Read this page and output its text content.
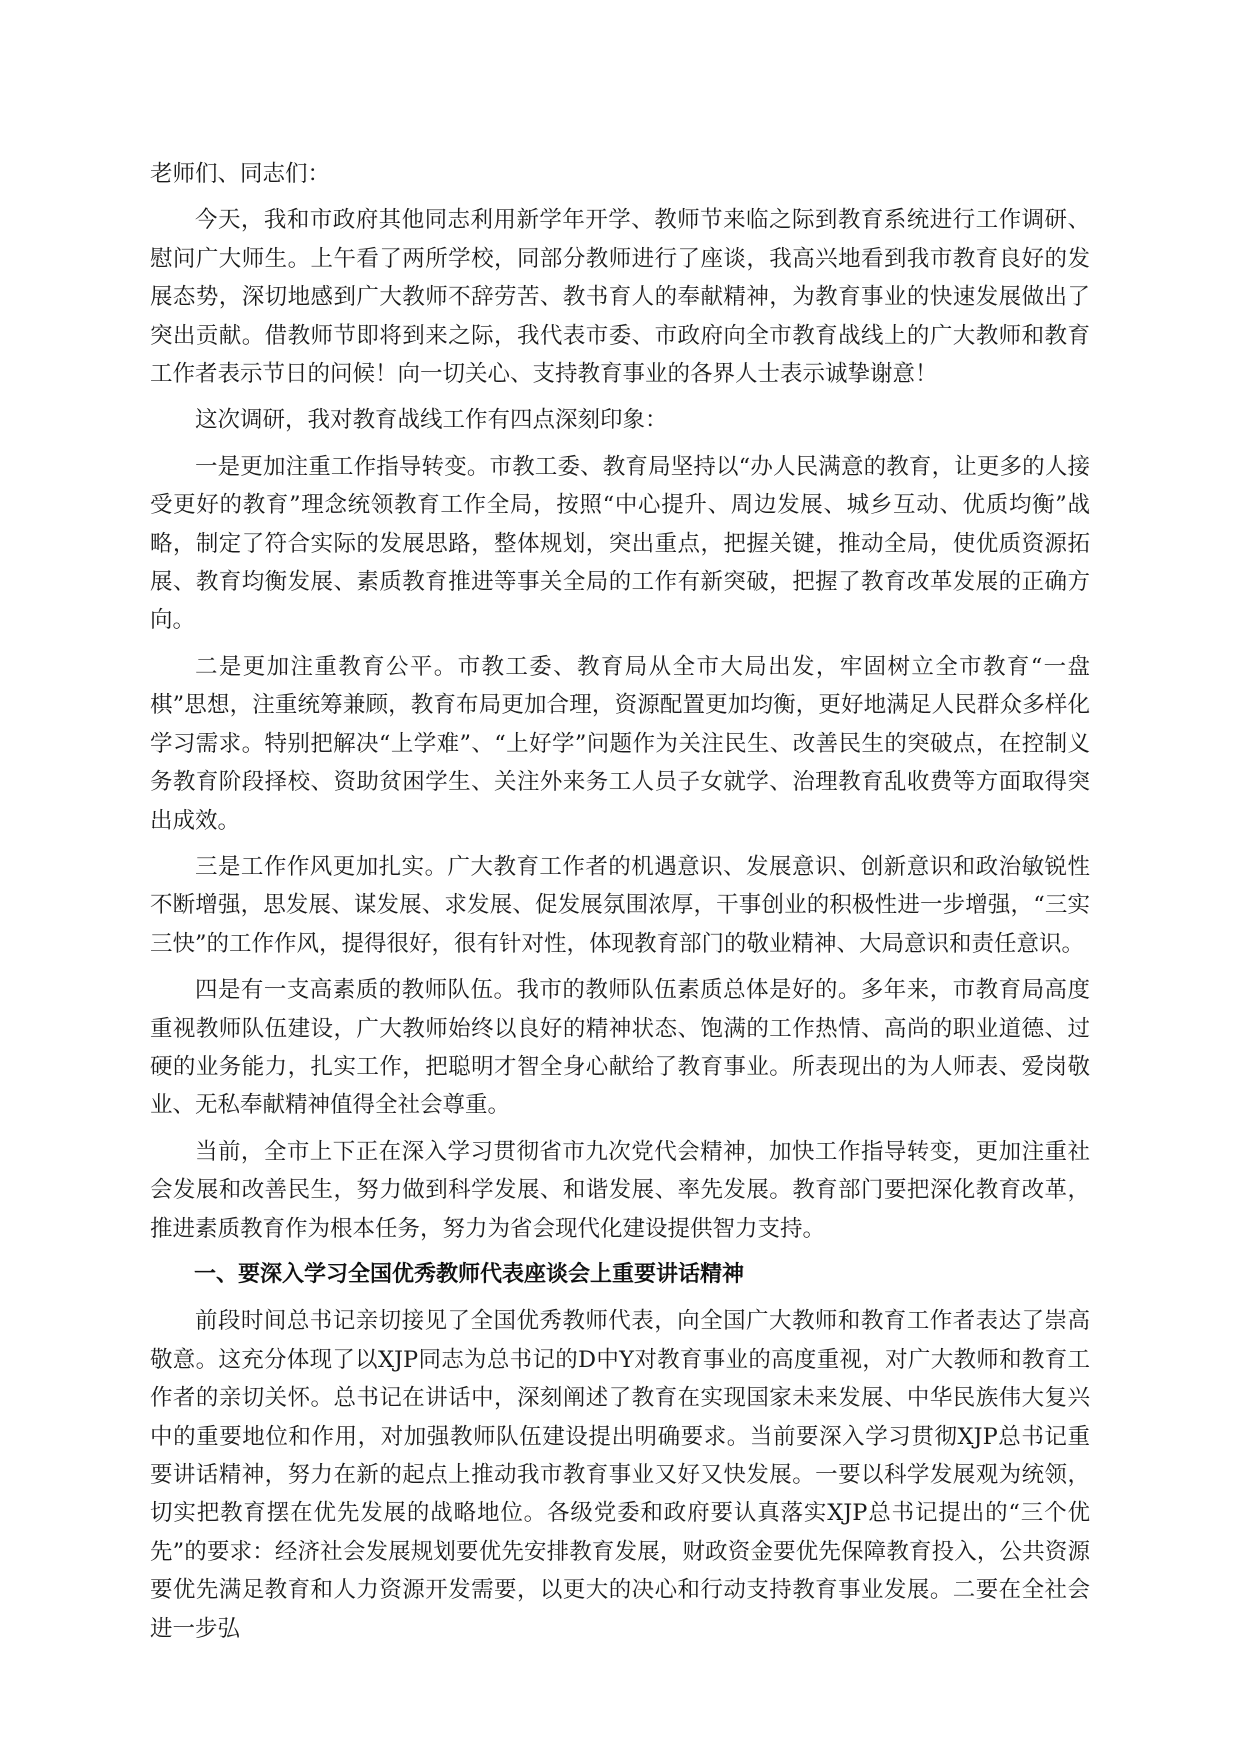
老师们、同志们：

今天，我和市政府其他同志利用新学年开学、教师节来临之际到教育系统进行工作调研、慰问广大师生。上午看了两所学校，同部分教师进行了座谈，我高兴地看到我市教育良好的发展态势，深切地感到广大教师不辞劳苦、教书育人的奉献精神，为教育事业的快速发展做出了突出贡献。借教师节即将到来之际，我代表市委、市政府向全市教育战线上的广大教师和教育工作者表示节日的问候！向一切关心、支持教育事业的各界人士表示诚挚谢意！

这次调研，我对教育战线工作有四点深刻印象：

一是更加注重工作指导转变。市教工委、教育局坚持以“办人民满意的教育，让更多的人接受更好的教育”理念统领教育工作全局，按照“中心提升、周边发展、城乡互动、优质均衡”战略，制定了符合实际的发展思路，整体规划，突出重点，把握关键，推动全局，使优质资源拓展、教育均衡发展、素质教育推进等事关全局的工作有新突破，把握了教育改革发展的正确方向。

二是更加注重教育公平。市教工委、教育局从全市大局出发，牢固树立全市教育“一盘棋”思想，注重统筹兼顾，教育布局更加合理，资源配置更加均衡，更好地满足人民群众多样化学习需求。特别把解决“上学难”、“上好学”问题作为关注民生、改善民生的突破点，在控制义务教育阶段择校、资助贫困学生、关注外来务工人员子女就学、治理教育乱收费等方面取得突出成效。

三是工作作风更加扎实。广大教育工作者的机遇意识、发展意识、创新意识和政治敏锐性不断增强，思发展、谋发展、求发展、促发展氛围浓厚，干事创业的积极性进一步增强，“三实三快”的工作作风，提得很好，很有针对性，体现教育部门的敬业精神、大局意识和责任意识。

四是有一支高素质的教师队伍。我市的教师队伍素质总体是好的。多年来，市教育局高度重视教师队伍建设，广大教师始终以良好的精神状态、饱满的工作热情、高尚的职业道德、过硬的业务能力，扎实工作，把聪明才智全身心献给了教育事业。所表现出的为人师表、爱岗敬业、无私奉献精神值得全社会尊重。

当前，全市上下正在深入学习贯彻省市九次党代会精神，加快工作指导转变，更加注重社会发展和改善民生，努力做到科学发展、和谐发展、率先发展。教育部门要把深化教育改革，推进素质教育作为根本任务，努力为省会现代化建设提供智力支持。

一、要深入学习全国优秀教师代表座谈会上重要讲话精神

前段时间总书记亲切接见了全国优秀教师代表，向全国广大教师和教育工作者表达了崇高敬意。这充分体现了以XJP同志为总书记的D中Y对教育事业的高度重视，对广大教师和教育工作者的亲切关怀。总书记在讲话中，深刻阐述了教育在实现国家未来发展、中华民族伟大复兴中的重要地位和作用，对加强教师队伍建设提出明确要求。当前要深入学习贯彻XJP总书记重要讲话精神，努力在新的起点上推动我市教育事业又好又快发展。一要以科学发展观为统领，切实把教育摆在优先发展的战略地位。各级党委和政府要认真落实XJP总书记提出的“三个优先”的要求：经济社会发展规划要优先安排教育发展，财政资金要优先保障教育投入，公共资源要优先满足教育和人力资源开发需要，以更大的决心和行动支持教育事业发展。二要在全社会进一步弘
